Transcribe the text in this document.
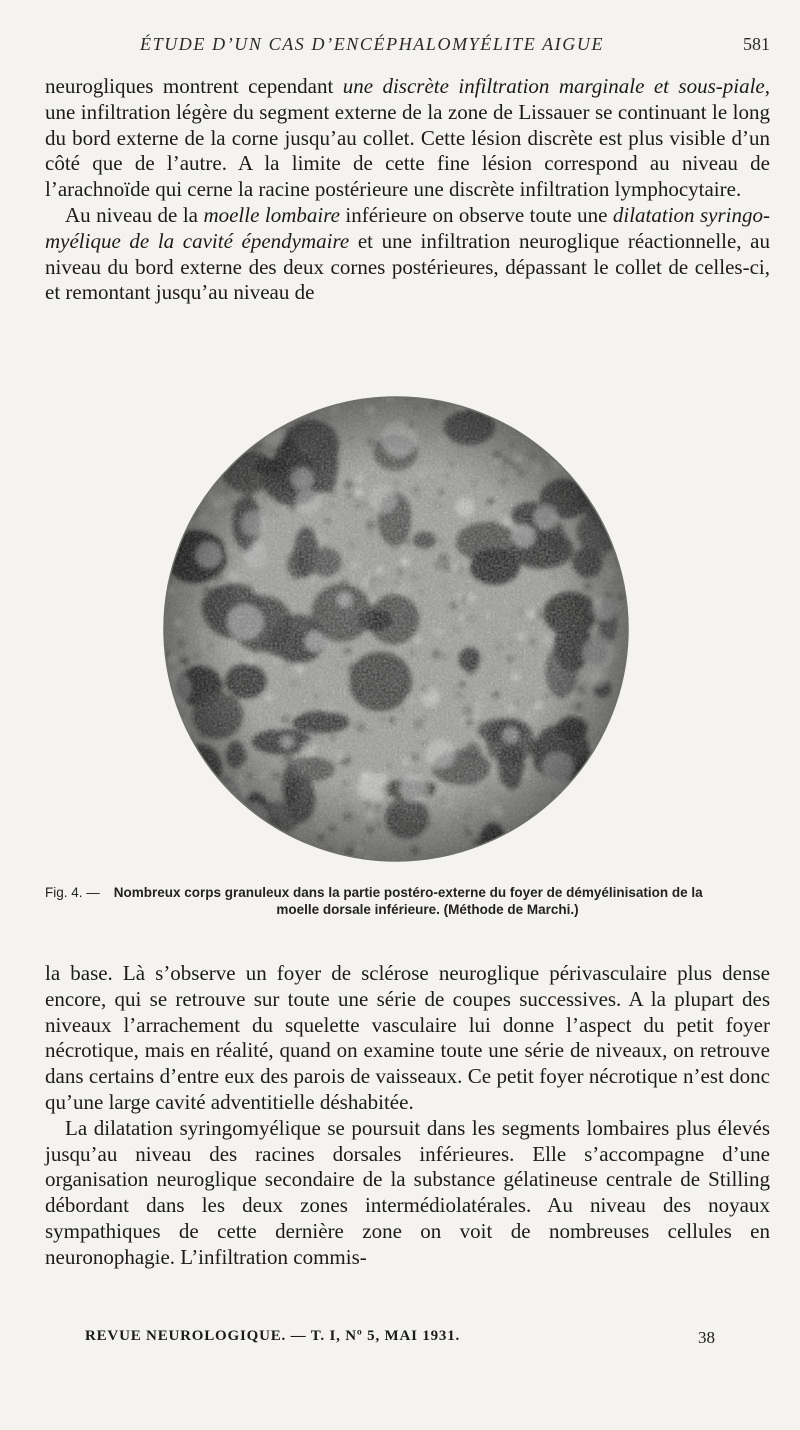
ÉTUDE D’UN CAS D’ENCÉPHALOMYÉLITE AIGUE	581

neurogliques montrent cependant une discrète infiltration marginale et sous-piale, une infiltration légère du segment externe de la zone de Lissauer se continuant le long du bord externe de la corne jusqu’au collet. Cette lésion discrète est plus visible d’un côté que de l’autre. A la limite de cette fine lésion correspond au niveau de l’arachnoïde qui cerne la racine postérieure une discrète infiltration lymphocytaire.

Au niveau de la moelle lombaire inférieure on observe toute une dilatation syringo-myélique de la cavité épendymaire et une infiltration neuroglique réactionnelle, au niveau du bord externe des deux cornes postérieures, dépassant le collet de celles-ci, et remontant jusqu’au niveau de

Fig. 4. — Nombreux corps granuleux dans la partie postéro-externe du foyer de démyélinisation de la
moelle dorsale inférieure. (Méthode de Marchi.)

la base. Là s’observe un foyer de sclérose neuroglique périvasculaire plus dense encore, qui se retrouve sur toute une série de coupes successives. A la plupart des niveaux l’arrachement du squelette vasculaire lui donne l’aspect du petit foyer nécrotique, mais en réalité, quand on examine toute une série de niveaux, on retrouve dans certains d’entre eux des parois de vaisseaux. Ce petit foyer nécrotique n’est donc qu’une large cavité adventitielle déshabitée.

La dilatation syringomyélique se poursuit dans les segments lombaires plus élevés jusqu’au niveau des racines dorsales inférieures. Elle s’accompagne d’une organisation neuroglique secondaire de la substance gélatineuse centrale de Stilling débordant dans les deux zones intermédiolatérales. Au niveau des noyaux sympathiques de cette dernière zone on voit de nombreuses cellules en neuronophagie. L’infiltration commis-

REVUE NEUROLOGIQUE. — T. I, Nº 5, MAI 1931.	38
